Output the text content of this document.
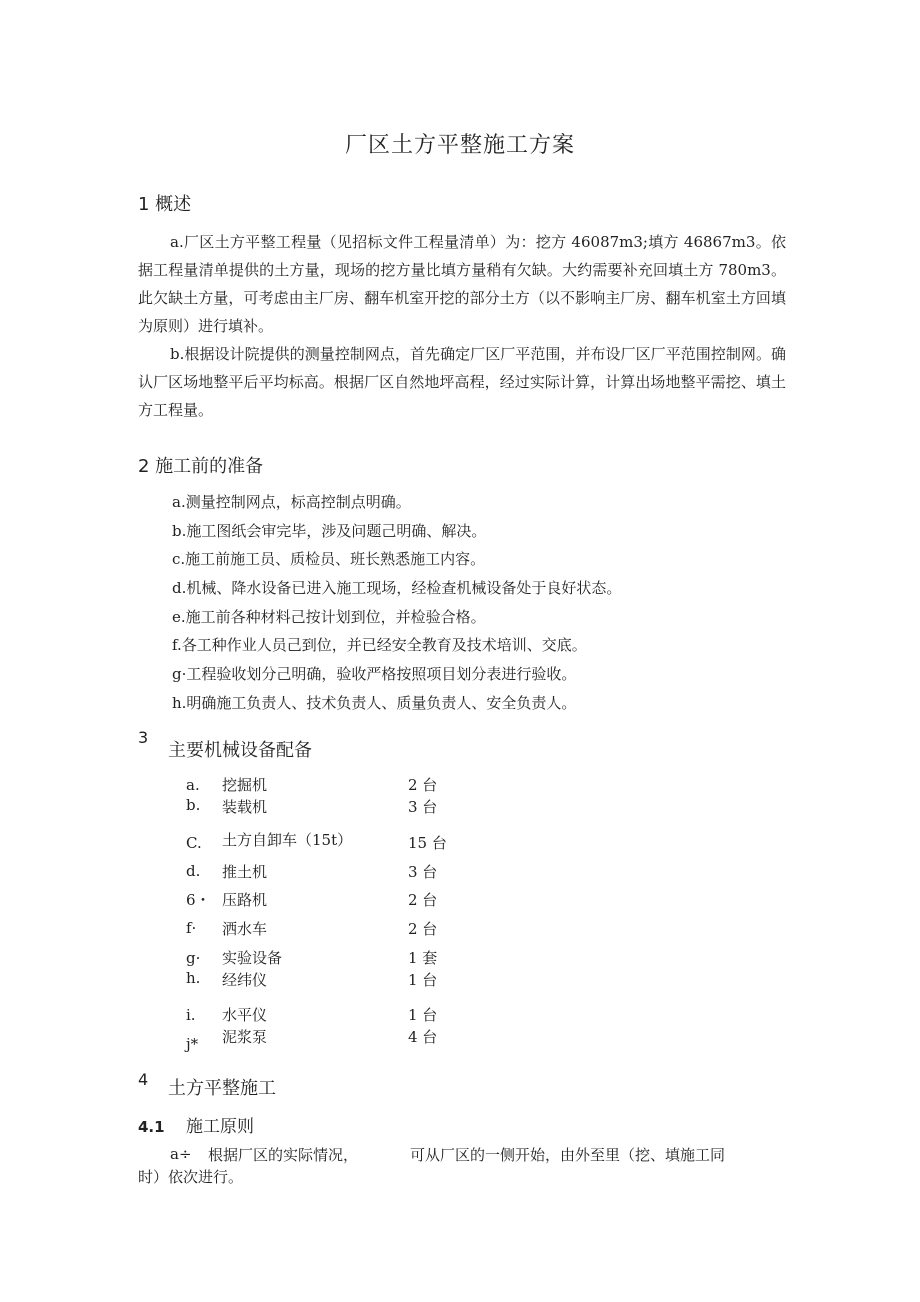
厂区土方平整施工方案
1 概述
a.厂区土方平整工程量（见招标文件工程量清单）为：挖方 46087m3;填方 46867m3。依据工程量清单提供的土方量，现场的挖方量比填方量稍有欠缺。大约需要补充回填土方 780m3。此欠缺土方量，可考虑由主厂房、翻车机室开挖的部分土方（以不影响主厂房、翻车机室土方回填为原则）进行填补。
b.根据设计院提供的测量控制网点，首先确定厂区厂平范围，并布设厂区厂平范围控制网。确认厂区场地整平后平均标高。根据厂区自然地坪高程，经过实际计算，计算出场地整平需挖、填土方工程量。
2 施工前的准备
a.测量控制网点，标高控制点明确。
b.施工图纸会审完毕，涉及问题己明确、解决。
c.施工前施工员、质检员、班长熟悉施工内容。
d.机械、降水设备已进入施工现场，经检查机械设备处于良好状态。
e.施工前各种材料己按计划到位，并检验合格。
f.各工种作业人员己到位，并已经安全教育及技术培训、交底。
g·工程验收划分己明确，验收严格按照项目划分表进行验收。
h.明确施工负责人、技术负责人、质量负责人、安全负责人。
3
主要机械设备配备
a. 挖掘机	2 台
b. 装载机	3 台
C. 土方自卸车（15t）	15 台
d. 推土机	3 台
6・ 压路机	2 台
f· 洒水车	2 台
g· 实验设备	1 套
h. 经纬仪	1 台
i. 水平仪	1 台
j* 泥浆泵	4 台
4 土方平整施工
4.1 施工原则
a÷ 根据厂区的实际情况，	可从厂区的一侧开始，由外至里（挖、填施工同
时）依次进行。
